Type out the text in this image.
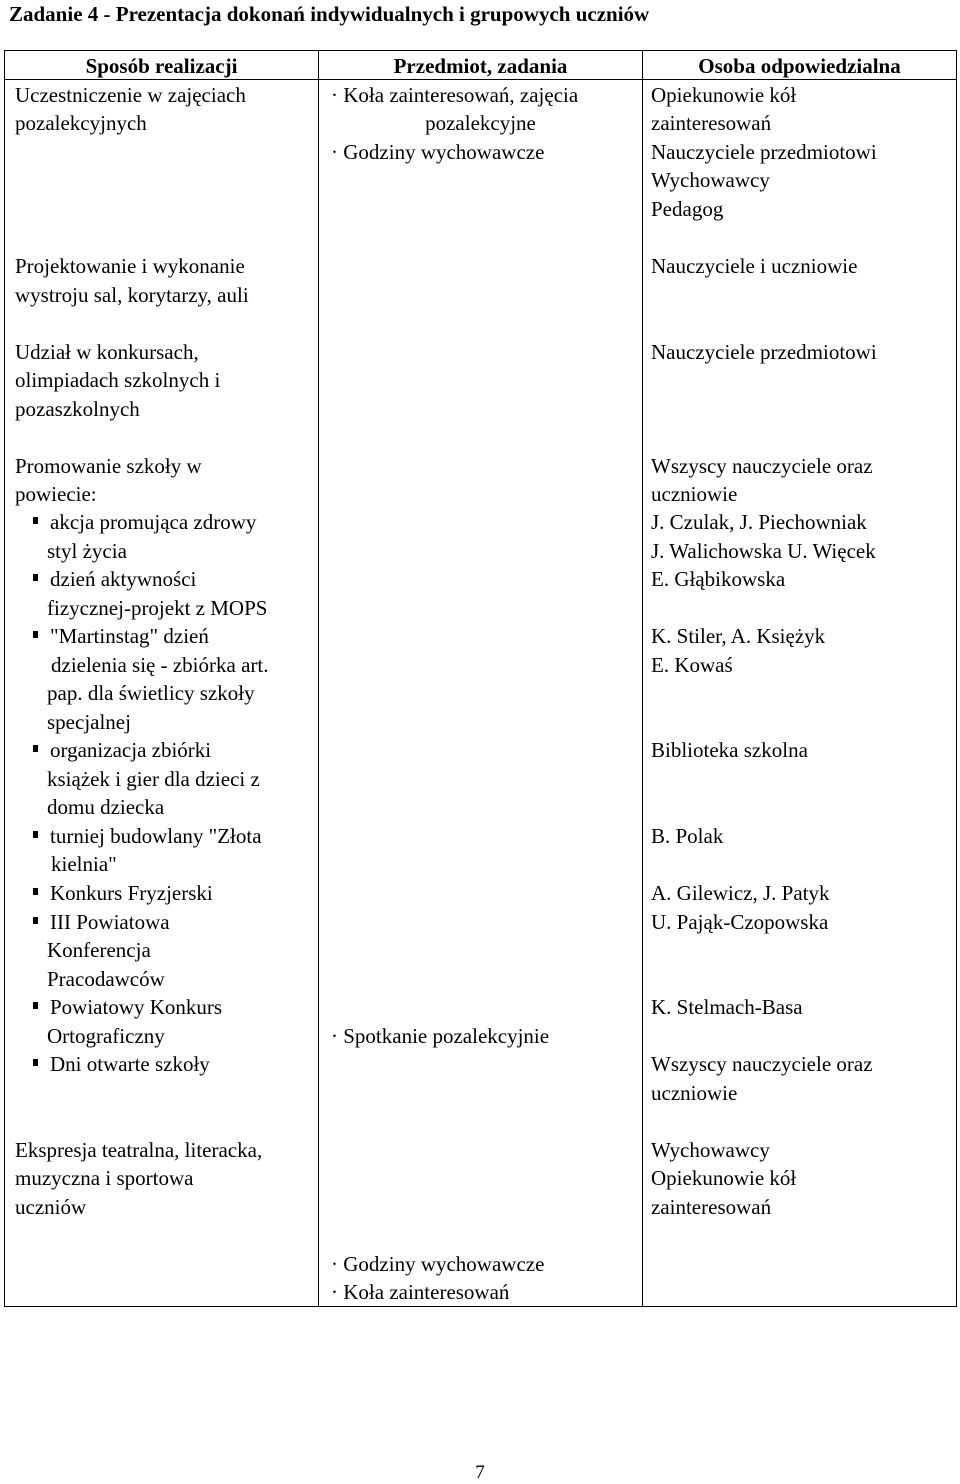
Zadanie 4 - Prezentacja dokonań indywidualnych i grupowych uczniów
Sposób realizacji	Przedmiot, zadania	Osoba odpowiedzialna
Uczestniczenie w zajęciach
pozalekcyjnych
Projektowanie i wykonanie
wystroju sal, korytarzy, auli
Udział w konkursach,
olimpiadach szkolnych i
pozaszkolnych
Promowanie szkoły w
powiecie:
akcja promująca zdrowy
styl życia
dzień aktywności
fizycznej-projekt z MOPS
"Martinstag" dzień
dzielenia się - zbiórka art.
pap. dla świetlicy szkoły
specjalnej
organizacja zbiórki
książek i gier dla dzieci z
domu dziecka
turniej budowlany "Złota
kielnia"
Konkurs Fryzjerski
III Powiatowa
Konferencja
Pracodawców
Powiatowy Konkurs
Ortograficzny
Dni otwarte szkoły
Ekspresja teatralna, literacka,
muzyczna i sportowa
uczniów
· Koła zainteresowań, zajęcia
pozalekcyjne
· Godziny wychowawcze
· Spotkanie pozalekcyjnie
· Godziny wychowawcze
· Koła zainteresowań
Opiekunowie kół
zainteresowań
Nauczyciele przedmiotowi
Wychowawcy
Pedagog
Nauczyciele i uczniowie
Nauczyciele przedmiotowi
Wszyscy nauczyciele oraz
uczniowie
J. Czulak, J. Piechowniak
J. Walichowska U. Więcek
E. Głąbikowska
K. Stiler, A. Księżyk
E. Kowaś
Biblioteka szkolna
B. Polak
A. Gilewicz, J. Patyk
U. Pająk-Czopowska
K. Stelmach-Basa
Wszyscy nauczyciele oraz
uczniowie
Wychowawcy
Opiekunowie kół
zainteresowań
7
